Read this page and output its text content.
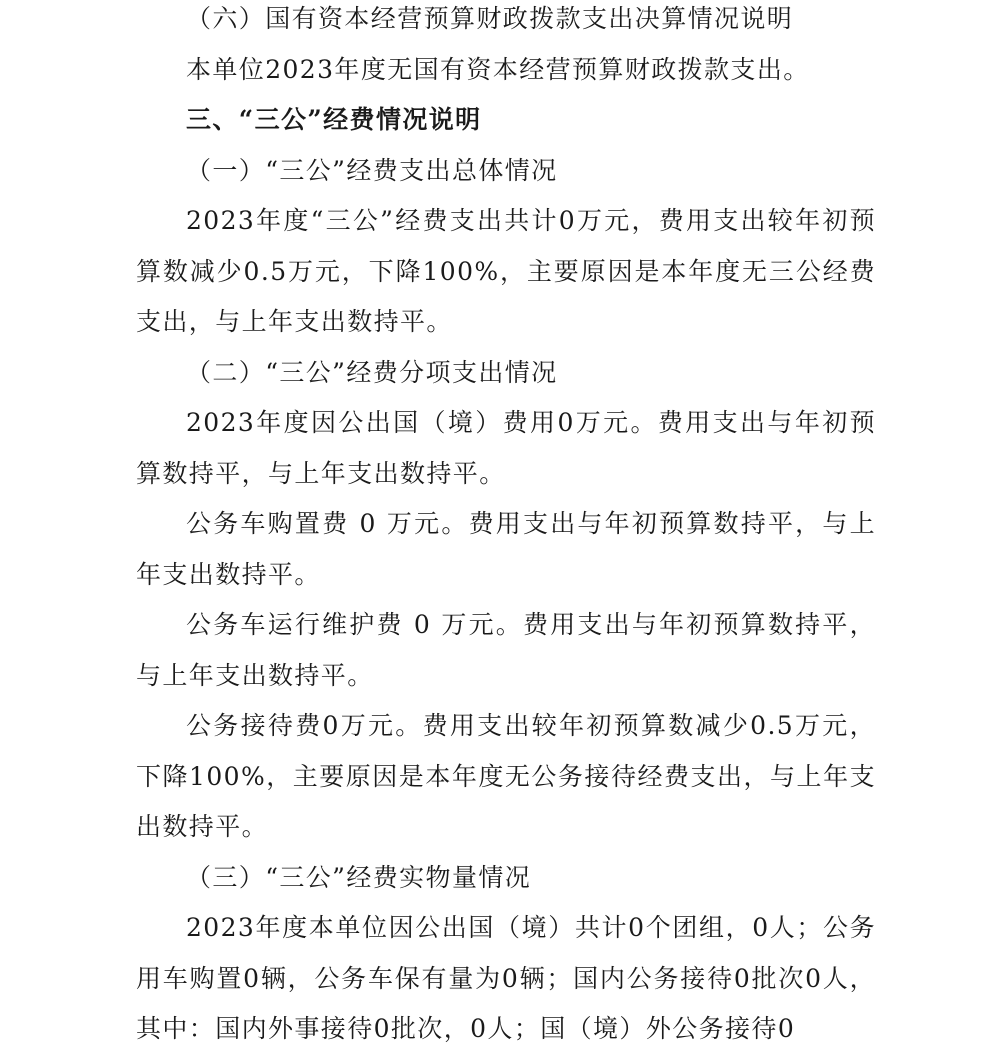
（六）国有资本经营预算财政拨款支出决算情况说明

本单位2023年度无国有资本经营预算财政拨款支出。

三、“三公”经费情况说明

（一）“三公”经费支出总体情况

2023年度“三公”经费支出共计0万元，费用支出较年初预算数减少0.5万元，下降100%，主要原因是本年度无三公经费支出，与上年支出数持平。

（二）“三公”经费分项支出情况

2023年度因公出国（境）费用0万元。费用支出与年初预算数持平，与上年支出数持平。

公务车购置费 0 万元。费用支出与年初预算数持平，与上年支出数持平。

公务车运行维护费 0 万元。费用支出与年初预算数持平，与上年支出数持平。

公务接待费0万元。费用支出较年初预算数减少0.5万元，下降100%，主要原因是本年度无公务接待经费支出，与上年支出数持平。

（三）“三公”经费实物量情况

2023年度本单位因公出国（境）共计0个团组，0人；公务用车购置0辆，公务车保有量为0辆；国内公务接待0批次0人，其中：国内外事接待0批次，0人；国（境）外公务接待0
